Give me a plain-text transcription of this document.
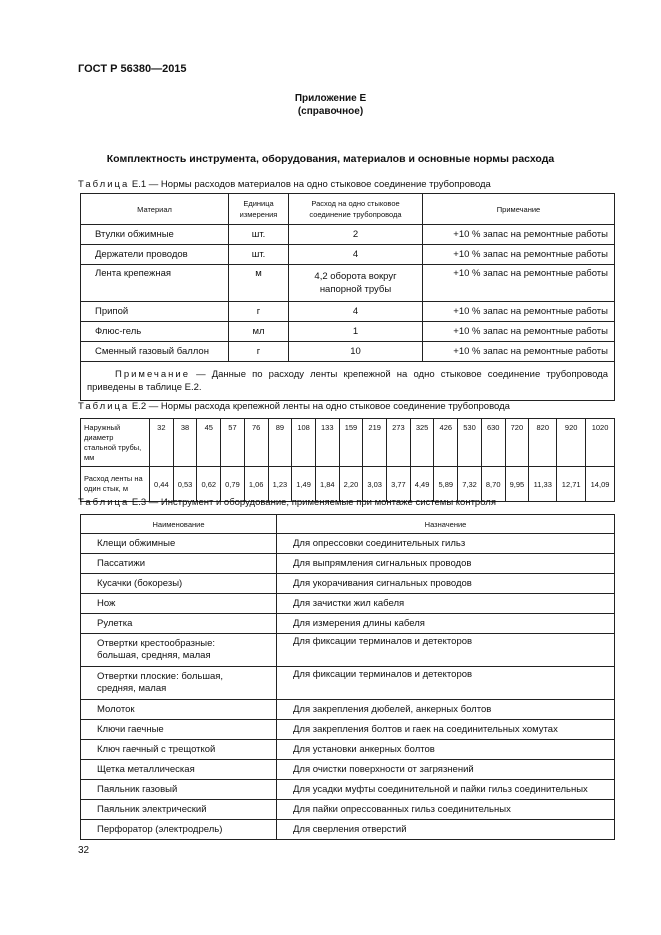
ГОСТ Р 56380—2015
Приложение Е
(справочное)
Комплектность инструмента, оборудования, материалов и основные нормы расхода
Таблица Е.1 — Нормы расходов материалов на одно стыковое соединение трубопровода
Материал	Единица измерения	Расход на одно стыковое соединение трубопровода	Примечание
Втулки обжимные	шт.	2	+10 % запас на ремонтные работы
Держатели проводов	шт.	4	+10 % запас на ремонтные работы
Лента крепежная	м	4,2 оборота вокруг напорной трубы	+10 % запас на ремонтные работы
Припой	г	4	+10 % запас на ремонтные работы
Флюс-гель	мл	1	+10 % запас на ремонтные работы
Сменный газовый баллон	г	10	+10 % запас на ремонтные работы
Примечание — Данные по расходу ленты крепежной на одно стыковое соединение трубопровода приведены в таблице Е.2.			
Таблица Е.2 — Нормы расхода крепежной ленты на одно стыковое соединение трубопровода
Наружный диаметр стальной трубы, мм	32	38	45	57	76	89	108	133	159	219	273	325	426	530	630	720	820	920	1020
Расход ленты на один стык, м	0,44	0,53	0,62	0,79	1,06	1,23	1,49	1,84	2,20	3,03	3,77	4,49	5,89	7,32	8,70	9,95	11,33	12,71	14,09
Таблица Е.3 — Инструмент и оборудование, применяемые при монтаже системы контроля
Наименование	Назначение
Клещи обжимные	Для опрессовки соединительных гильз
Пассатижи	Для выпрямления сигнальных проводов
Кусачки (бокорезы)	Для укорачивания сигнальных проводов
Нож	Для зачистки жил кабеля
Рулетка	Для измерения длины кабеля
Отвертки крестообразные: большая, средняя, малая	Для фиксации терминалов и детекторов
Отвертки плоские: большая, средняя, малая	Для фиксации терминалов и детекторов
Молоток	Для закрепления дюбелей, анкерных болтов
Ключи гаечные	Для закрепления болтов и гаек на соединительных хомутах
Ключ гаечный с трещоткой	Для установки анкерных болтов
Щетка металлическая	Для очистки поверхности от загрязнений
Паяльник газовый	Для усадки муфты соединительной и пайки гильз соединительных
Паяльник электрический	Для пайки опрессованных гильз соединительных
Перфоратор (электродрель)	Для сверления отверстий
32
